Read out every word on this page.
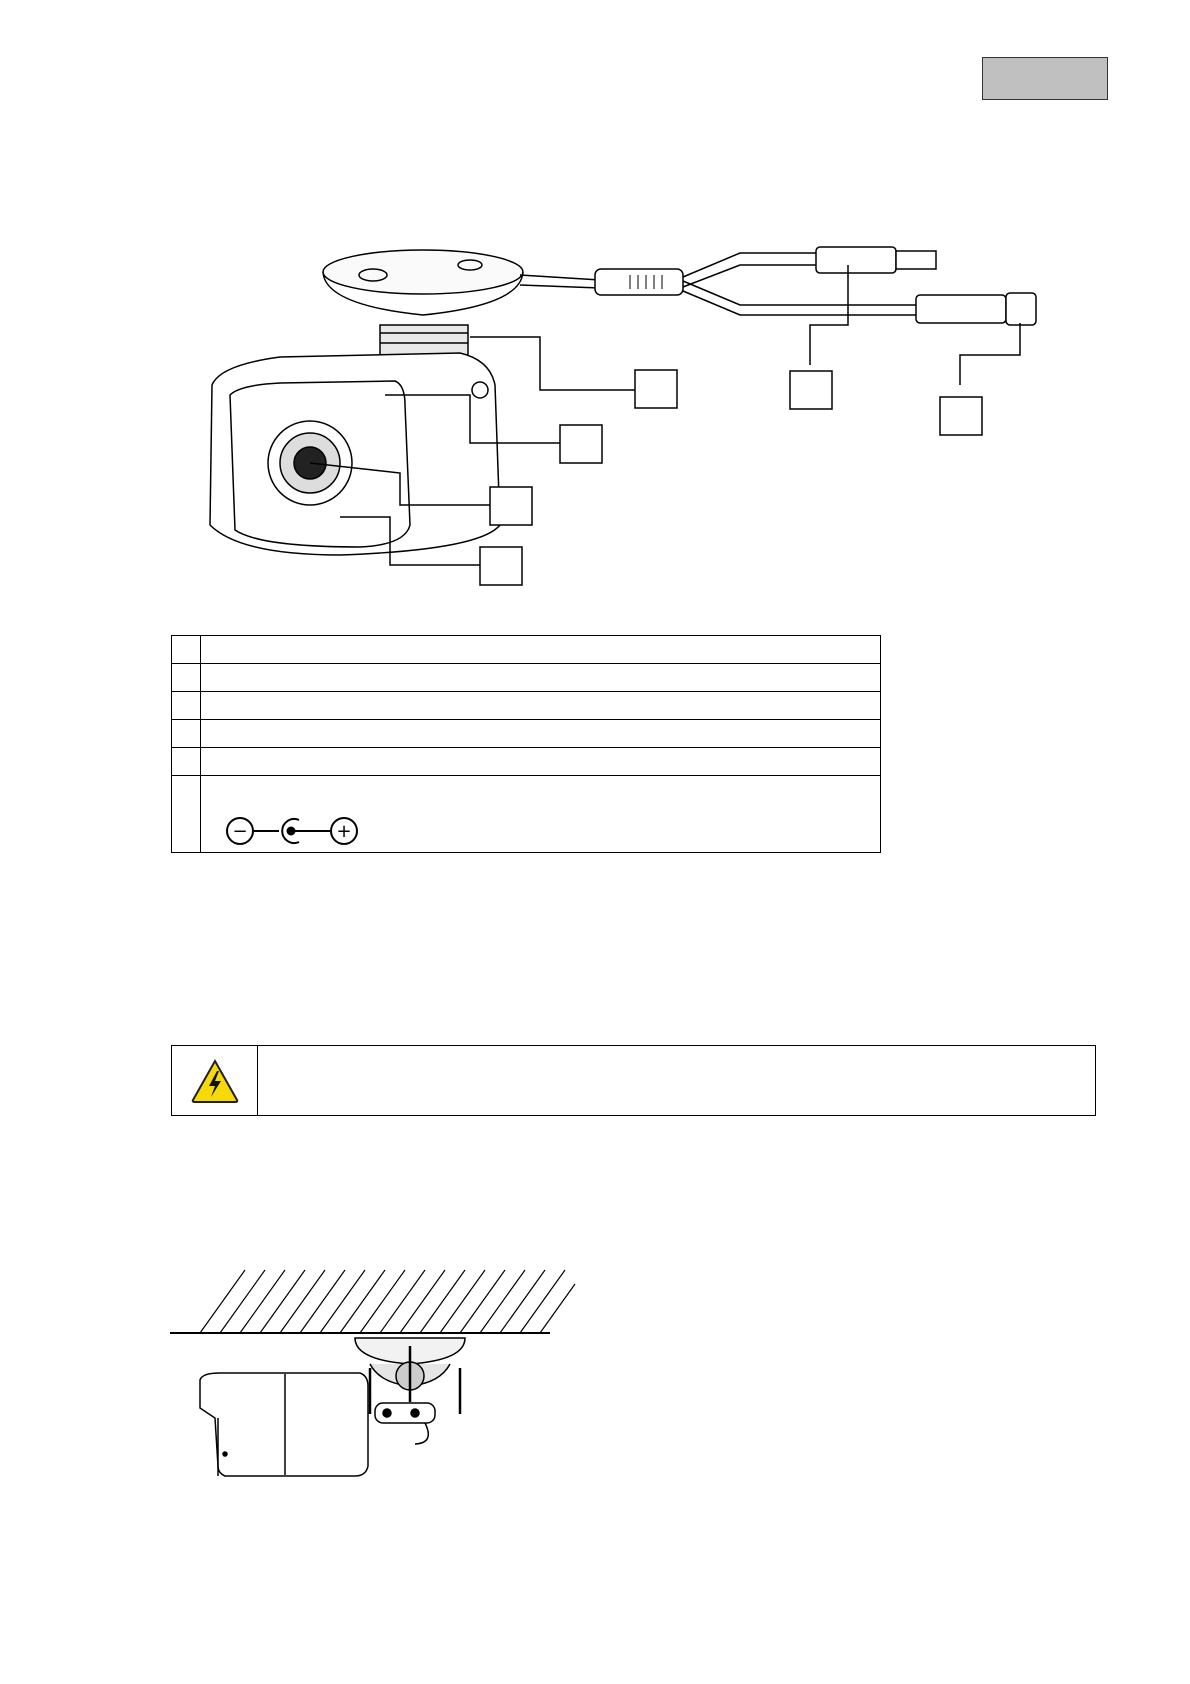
− +
